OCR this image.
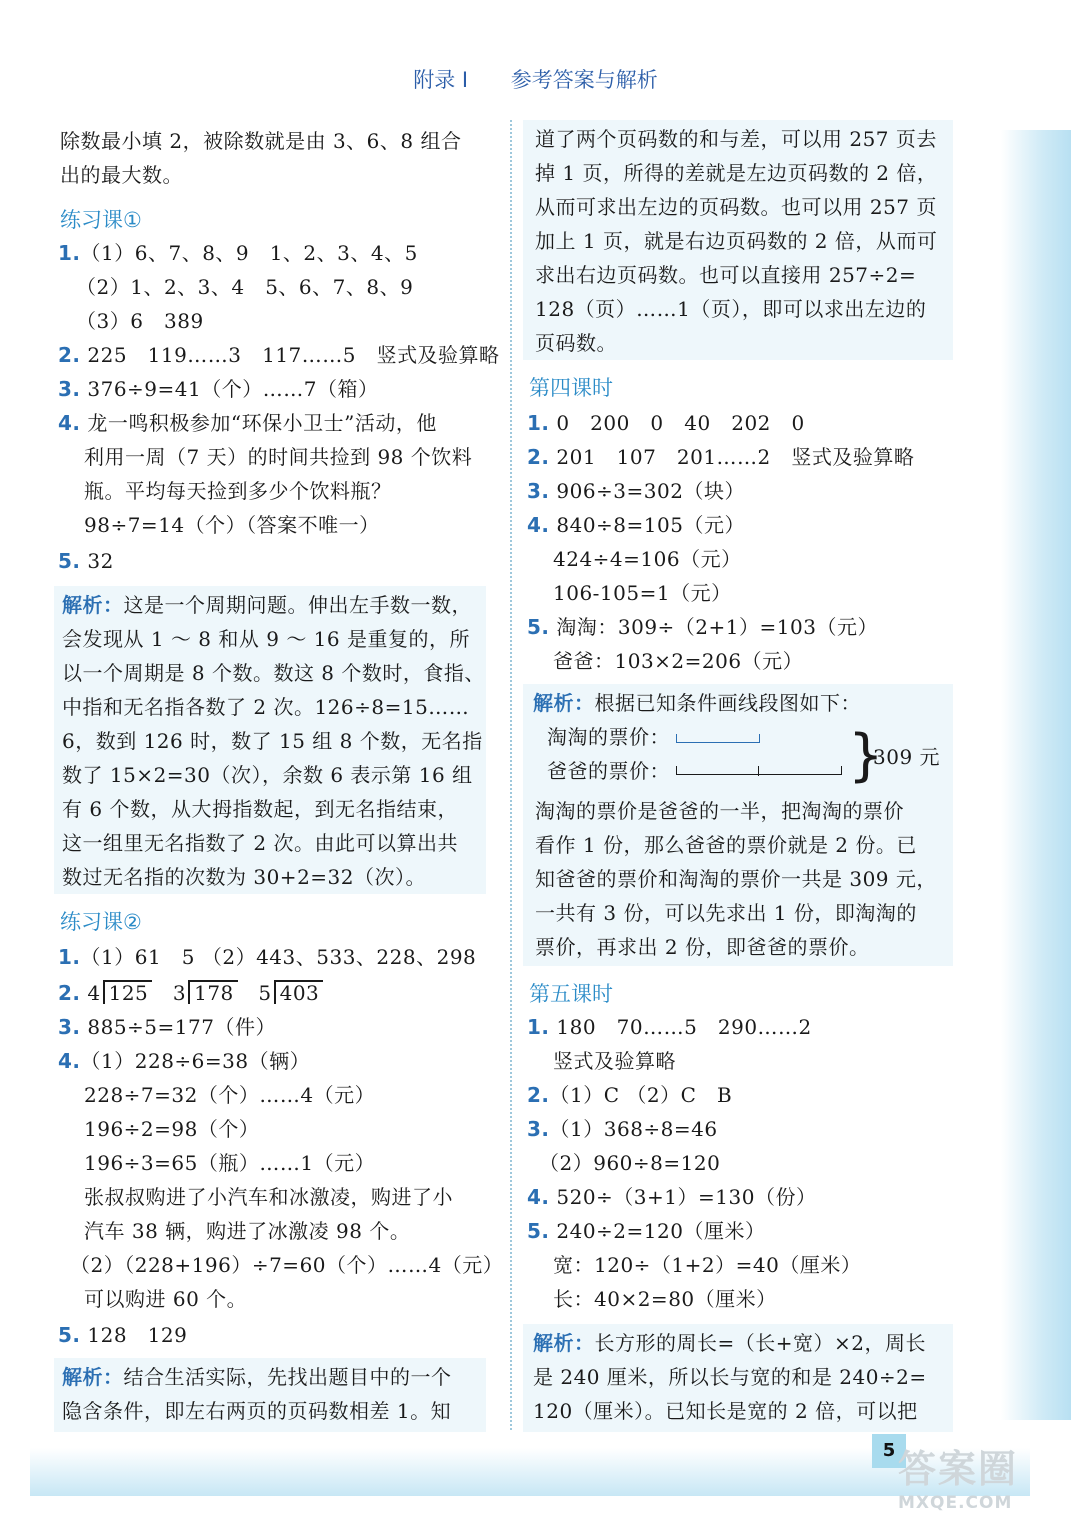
附录 I 参考答案与解析
除数最小填 2，被除数就是由 3、6、8 组合
出的最大数。
练习课①
1.（1）6、7、8、9   1、2、3、4、5
（2）1、2、3、4   5、6、7、8、9
（3）6   389
2. 225   119……3   117……5   竖式及验算略
3. 376÷9=41（个）……7（箱）
4. 龙一鸣积极参加“环保小卫士”活动，他
利用一周（7 天）的时间共捡到 98 个饮料
瓶。平均每天捡到多少个饮料瓶？
98÷7=14（个）（答案不唯一）
5. 32
解析：这是一个周期问题。伸出左手数一数，
会发现从 1 ～ 8 和从 9 ～ 16 是重复的，所
以一个周期是 8 个数。数这 8 个数时，食指、
中指和无名指各数了 2 次。126÷8=15……
6，数到 126 时，数了 15 组 8 个数，无名指
数了 15×2=30（次），余数 6 表示第 16 组
有 6 个数，从大拇指数起，到无名指结束，
这一组里无名指数了 2 次。由此可以算出共
数过无名指的次数为 30+2=32（次）。
练习课②
1.（1）61   5 （2）443、533、228、298
2. 4 125 3 178 5 403
3. 885÷5=177（件）
4.（1）228÷6=38（辆）
228÷7=32（个）……4（元）
196÷2=98（个）
196÷3=65（瓶）……1（元）
张叔叔购进了小汽车和冰激凌，购进了小
汽车 38 辆，购进了冰激凌 98 个。
（2）（228+196）÷7=60（个）……4（元）
可以购进 60 个。
5. 128   129
解析：结合生活实际，先找出题目中的一个
隐含条件，即左右两页的页码数相差 1。知
道了两个页码数的和与差，可以用 257 页去
掉 1 页，所得的差就是左边页码数的 2 倍，
从而可求出左边的页码数。也可以用 257 页
加上 1 页，就是右边页码数的 2 倍，从而可
求出右边页码数。也可以直接用 257÷2=
128（页）……1（页），即可以求出左边的
页码数。
第四课时
1. 0   200   0   40   202   0
2. 201   107   201……2   竖式及验算略
3. 906÷3=302（块）
4. 840÷8=105（元）
424÷4=106（元）
106-105=1（元）
5. 淘淘：309÷（2+1）=103（元）
爸爸：103×2=206（元）
解析：根据已知条件画线段图如下：
淘淘的票价：
爸爸的票价：
309 元
淘淘的票价是爸爸的一半，把淘淘的票价
看作 1 份，那么爸爸的票价就是 2 份。已
知爸爸的票价和淘淘的票价一共是 309 元，
一共有 3 份，可以先求出 1 份，即淘淘的
票价，再求出 2 份，即爸爸的票价。
第五课时
1. 180   70……5   290……2
竖式及验算略
2.（1）C （2）C   B
3.（1）368÷8=46
（2）960÷8=120
4. 520÷（3+1）=130（份）
5. 240÷2=120（厘米）
宽：120÷（1+2）=40（厘米）
长：40×2=80（厘米）
解析：长方形的周长=（长+宽）×2，周长
是 240 厘米，所以长与宽的和是 240÷2=
120（厘米）。已知长是宽的 2 倍，可以把
}
5 答案圈
MXQE.COM
